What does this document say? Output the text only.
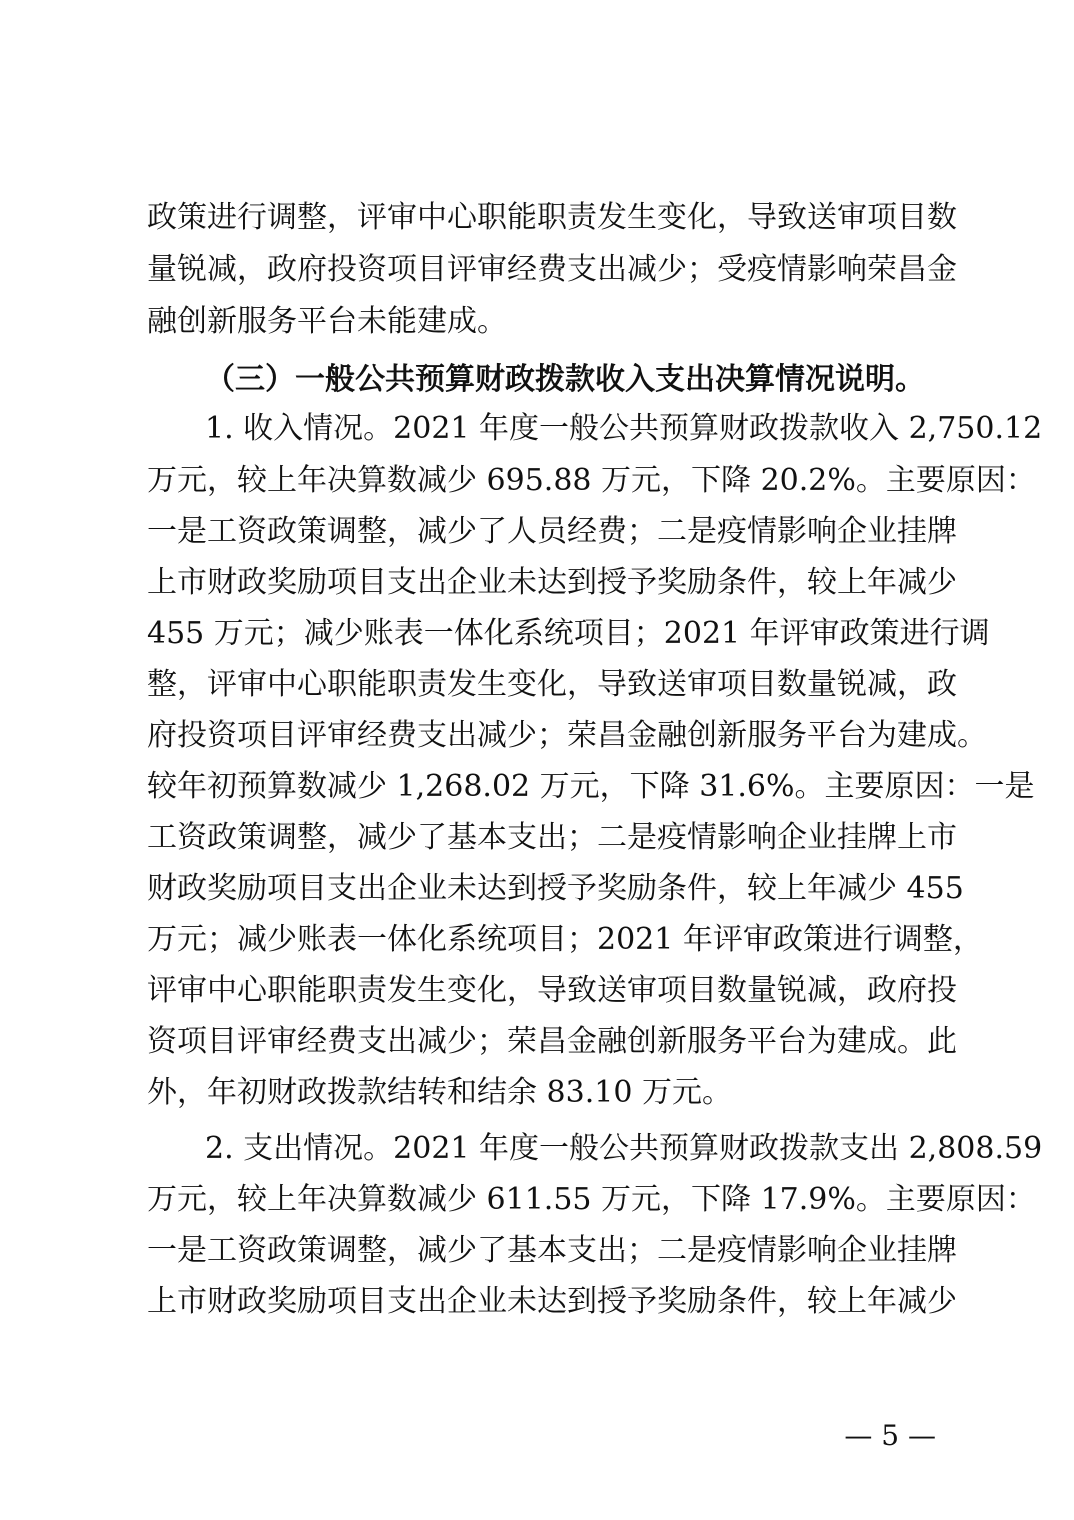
政策进行调整，评审中心职能职责发生变化，导致送审项目数
量锐减，政府投资项目评审经费支出减少；受疫情影响荣昌金
融创新服务平台未能建成。
（三）一般公共预算财政拨款收入支出决算情况说明。
1. 收入情况。2021 年度一般公共预算财政拨款收入 2,750.12
万元，较上年决算数减少 695.88 万元，下降 20.2%。主要原因：
一是工资政策调整，减少了人员经费；二是疫情影响企业挂牌
上市财政奖励项目支出企业未达到授予奖励条件，较上年减少
455 万元；减少账表一体化系统项目；2021 年评审政策进行调
整，评审中心职能职责发生变化，导致送审项目数量锐减，政
府投资项目评审经费支出减少；荣昌金融创新服务平台为建成。
较年初预算数减少 1,268.02 万元，下降 31.6%。主要原因：一是
工资政策调整，减少了基本支出；二是疫情影响企业挂牌上市
财政奖励项目支出企业未达到授予奖励条件，较上年减少 455
万元；减少账表一体化系统项目；2021 年评审政策进行调整，
评审中心职能职责发生变化，导致送审项目数量锐减，政府投
资项目评审经费支出减少；荣昌金融创新服务平台为建成。此
外，年初财政拨款结转和结余 83.10 万元。
2. 支出情况。2021 年度一般公共预算财政拨款支出 2,808.59
万元，较上年决算数减少 611.55 万元，下降 17.9%。主要原因：
一是工资政策调整，减少了基本支出；二是疫情影响企业挂牌
上市财政奖励项目支出企业未达到授予奖励条件，较上年减少
— 5 —
